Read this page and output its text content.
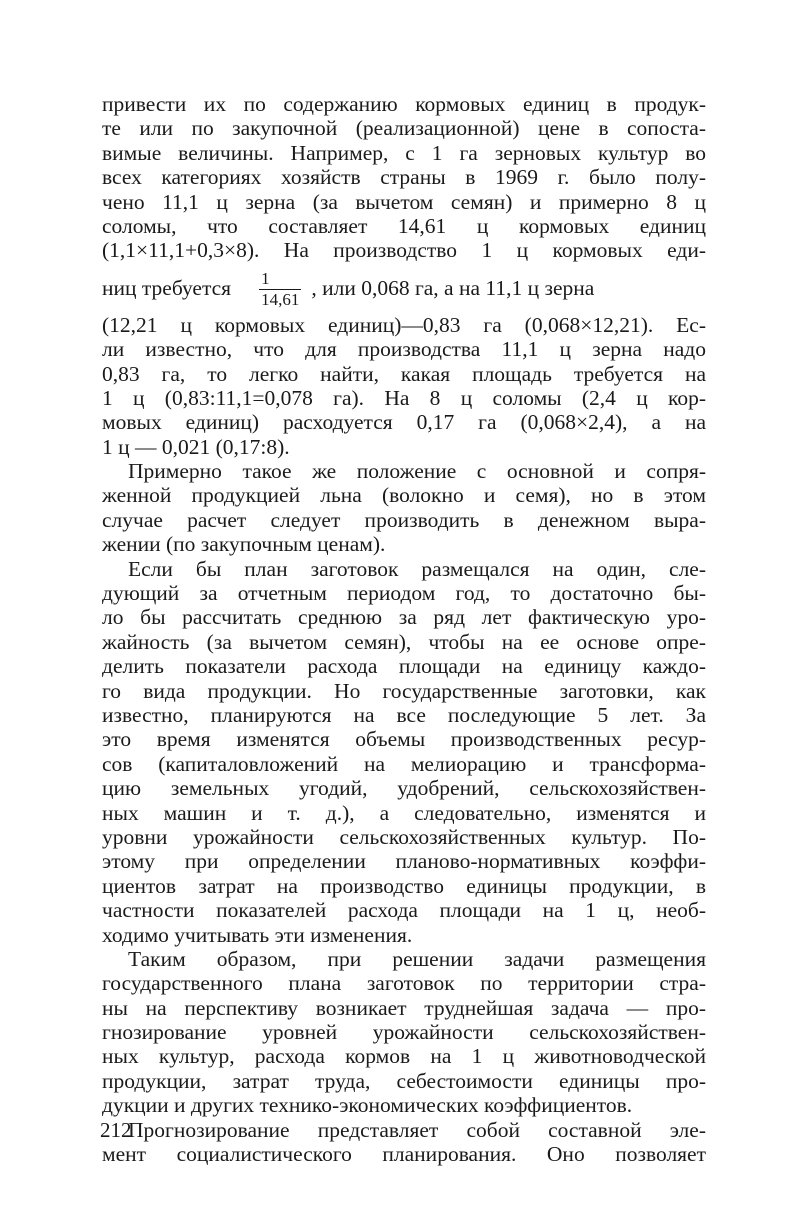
привести их по содержанию кормовых единиц в продук-
те или по закупочной (реализационной) цене в сопоста-
вимые величины. Например, с 1 га зерновых культур во
всех категориях хозяйств страны в 1969 г. было полу-
чено 11,1 ц зерна (за вычетом семян) и примерно 8 ц
соломы, что составляет 14,61 ц кормовых единиц
(1,1×11,1+0,3×8). На производство 1 ц кормовых еди-
ниц требуется $\frac{1}{14,61}$ , или 0,068 га, а на 11,1 ц зерна
(12,21 ц кормовых единиц)—0,83 га (0,068×12,21). Ес-
ли известно, что для производства 11,1 ц зерна надо
0,83 га, то легко найти, какая площадь требуется на
1 ц (0,83:11,1=0,078 га). На 8 ц соломы (2,4 ц кор-
мовых единиц) расходуется 0,17 га (0,068×2,4), а на
1 ц — 0,021 (0,17:8).
Примерно такое же положение с основной и сопря-
женной продукцией льна (волокно и семя), но в этом
случае расчет следует производить в денежном выра-
жении (по закупочным ценам).
Если бы план заготовок размещался на один, сле-
дующий за отчетным периодом год, то достаточно бы-
ло бы рассчитать среднюю за ряд лет фактическую уро-
жайность (за вычетом семян), чтобы на ее основе опре-
делить показатели расхода площади на единицу каждо-
го вида продукции. Но государственные заготовки, как
известно, планируются на все последующие 5 лет. За
это время изменятся объемы производственных ресур-
сов (капиталовложений на мелиорацию и трансформа-
цию земельных угодий, удобрений, сельскохозяйствен-
ных машин и т. д.), а следовательно, изменятся и
уровни урожайности сельскохозяйственных культур. По-
этому при определении планово-нормативных коэффи-
циентов затрат на производство единицы продукции, в
частности показателей расхода площади на 1 ц, необ-
ходимо учитывать эти изменения.
Таким образом, при решении задачи размещения
государственного плана заготовок по территории стра-
ны на перспективу возникает труднейшая задача — про-
гнозирование уровней урожайности сельскохозяйствен-
ных культур, расхода кормов на 1 ц животноводческой
продукции, затрат труда, себестоимости единицы про-
дукции и других технико-экономических коэффициентов.
Прогнозирование представляет собой составной эле-
мент социалистического планирования. Оно позволяет
212
